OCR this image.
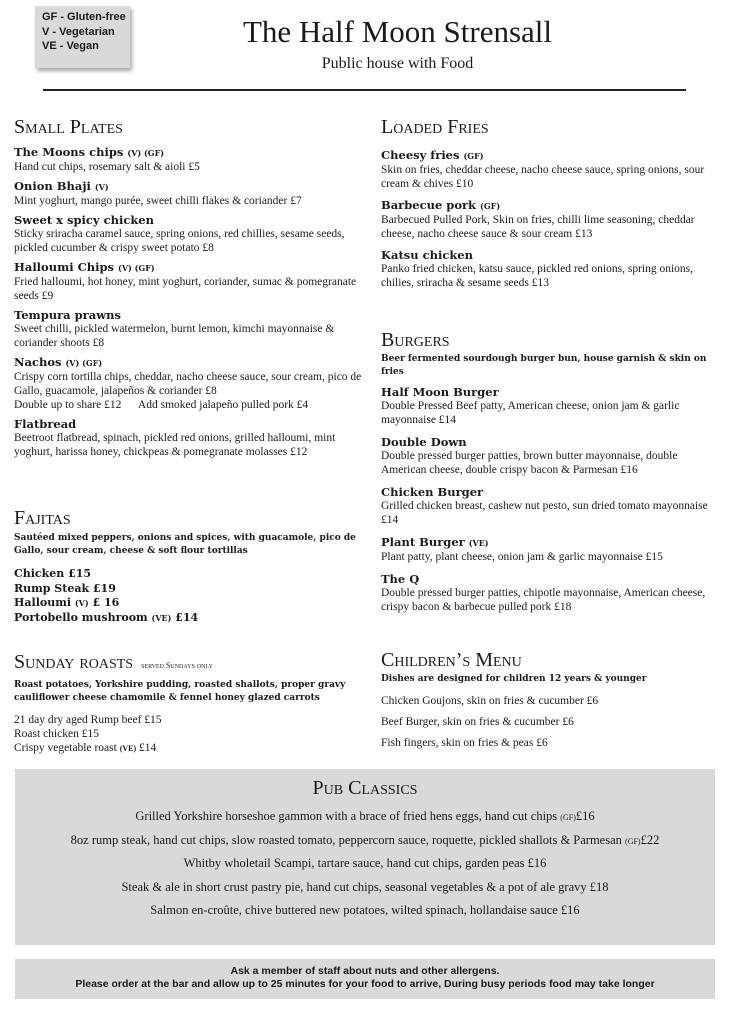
GF - Gluten-free
V - Vegetarian
VE - Vegan	The Half Moon Strensall
Public house with Food
Small Plates
The Moons chips (V) (GF)
Hand cut chips, rosemary salt & aioli £5
Onion Bhaji (V)
Mint yoghurt, mango purée, sweet chilli flakes & coriander £7
Sweet x spicy chicken
Sticky sriracha caramel sauce, spring onions, red chillies, sesame seeds, pickled cucumber & crispy sweet potato £8
Halloumi Chips (V) (GF)
Fried halloumi, hot honey, mint yoghurt, coriander, sumac & pomegranate seeds £9
Tempura prawns
Sweet chilli, pickled watermelon, burnt lemon, kimchi mayonnaise & coriander shoots £8
Nachos (V) (GF)
Crispy corn tortilla chips, cheddar, nacho cheese sauce, sour cream, pico de Gallo, guacamole, jalapeños & coriander £8
Double up to share £12      Add smoked jalapeño pulled pork £4
Flatbread
Beetroot flatbread, spinach, pickled red onions, grilled halloumi, mint yoghurt, harissa honey, chickpeas & pomegranate molasses £12
Fajitas
Sautéed mixed peppers, onions and spices, with guacamole, pico de Gallo, sour cream, cheese & soft flour tortillas
Chicken £15
Rump Steak £19
Halloumi (V) £ 16
Portobello mushroom (VE) £14
Sunday roasts served Sundays only
Roast potatoes, Yorkshire pudding, roasted shallots, proper gravy cauliflower cheese chamomile & fennel honey glazed carrots
21 day dry aged Rump beef £15
Roast chicken £15
Crispy vegetable roast (VE) £14
Loaded Fries
Cheesy fries (GF)
Skin on fries, cheddar cheese, nacho cheese sauce, spring onions, sour cream & chives £10
Barbecue pork (GF)
Barbecued Pulled Pork, Skin on fries, chilli lime seasoning, cheddar cheese, nacho cheese sauce & sour cream £13
Katsu chicken
Panko fried chicken, katsu sauce, pickled red onions, spring onions, chilies, sriracha & sesame seeds £13
Burgers
Beer fermented sourdough burger bun, house garnish & skin on fries
Half Moon Burger
Double Pressed Beef patty, American cheese, onion jam & garlic mayonnaise £14
Double Down
Double pressed burger patties, brown butter mayonnaise, double American cheese, double crispy bacon & Parmesan £16
Chicken Burger
Grilled chicken breast, cashew nut pesto, sun dried tomato mayonnaise £14
Plant Burger (VE)
Plant patty, plant cheese, onion jam & garlic mayonnaise £15
The Q
Double pressed burger patties, chipotle mayonnaise, American cheese, crispy bacon & barbecue pulled pork £18
Children’s Menu
Dishes are designed for children 12 years & younger
Chicken Goujons, skin on fries & cucumber £6
Beef Burger, skin on fries & cucumber £6
Fish fingers, skin on fries & peas £6
Pub Classics
Grilled Yorkshire horseshoe gammon with a brace of fried hens eggs, hand cut chips (GF)£16
8oz rump steak, hand cut chips, slow roasted tomato, peppercorn sauce, roquette, pickled shallots & Parmesan (GF)£22
Whitby wholetail Scampi, tartare sauce, hand cut chips, garden peas £16
Steak & ale in short crust pastry pie, hand cut chips, seasonal vegetables & a pot of ale gravy £18
Salmon en-croûte, chive buttered new potatoes, wilted spinach, hollandaise sauce £16
Ask a member of staff about nuts and other allergens.
Please order at the bar and allow up to 25 minutes for your food to arrive, During busy periods food may take longer
